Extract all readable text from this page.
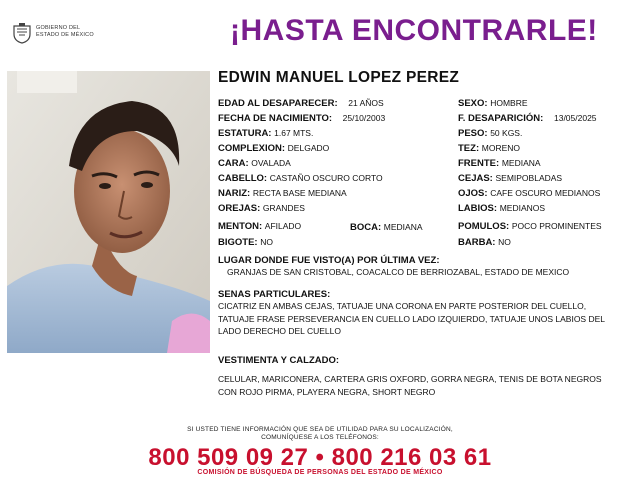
GOBIERNO DEL
ESTADO DE MÉXICO	¡HASTA ENCONTRARLE!
EDWIN MANUEL LOPEZ PEREZ
EDAD AL DESAPARECER: 21 AÑOS
FECHA DE NACIMIENTO: 25/10/2003
ESTATURA: 1.67 MTS.
COMPLEXION: DELGADO
CARA: OVALADA
CABELLO: CASTAÑO OSCURO CORTO
NARIZ: RECTA BASE MEDIANA
OREJAS: GRANDES
MENTON: AFILADO
BIGOTE: NO
BOCA: MEDIANA
SEXO: HOMBRE
F. DESAPARICIÓN: 13/05/2025
PESO: 50 KGS.
TEZ: MORENO
FRENTE: MEDIANA
CEJAS: SEMIPOBLADAS
OJOS: CAFE OSCURO MEDIANOS
LABIOS: MEDIANOS
POMULOS: POCO PROMINENTES
BARBA: NO
LUGAR DONDE FUE VISTO(A) POR ÚLTIMA VEZ:
GRANJAS DE SAN CRISTOBAL, COACALCO DE BERRIOZABAL, ESTADO DE MEXICO
SENAS PARTICULARES:
CICATRIZ EN AMBAS CEJAS, TATUAJE UNA CORONA EN PARTE POSTERIOR DEL CUELLO, TATUAJE FRASE PERSEVERANCIA EN CUELLO LADO IZQUIERDO, TATUAJE UNOS LABIOS DEL LADO DERECHO DEL CUELLO
VESTIMENTA Y CALZADO:
CELULAR, MARICONERA, CARTERA GRIS OXFORD, GORRA NEGRA, TENIS DE BOTA NEGROS CON ROJO PIRMA, PLAYERA NEGRA, SHORT NEGRO
SI USTED TIENE INFORMACIÓN QUE SEA DE UTILIDAD PARA SU LOCALIZACIÓN,
COMUNÍQUESE A LOS TELÉFONOS:
800 509 09 27 • 800 216 03 61
COMISIÓN DE BÚSQUEDA DE PERSONAS DEL ESTADO DE MÉXICO
